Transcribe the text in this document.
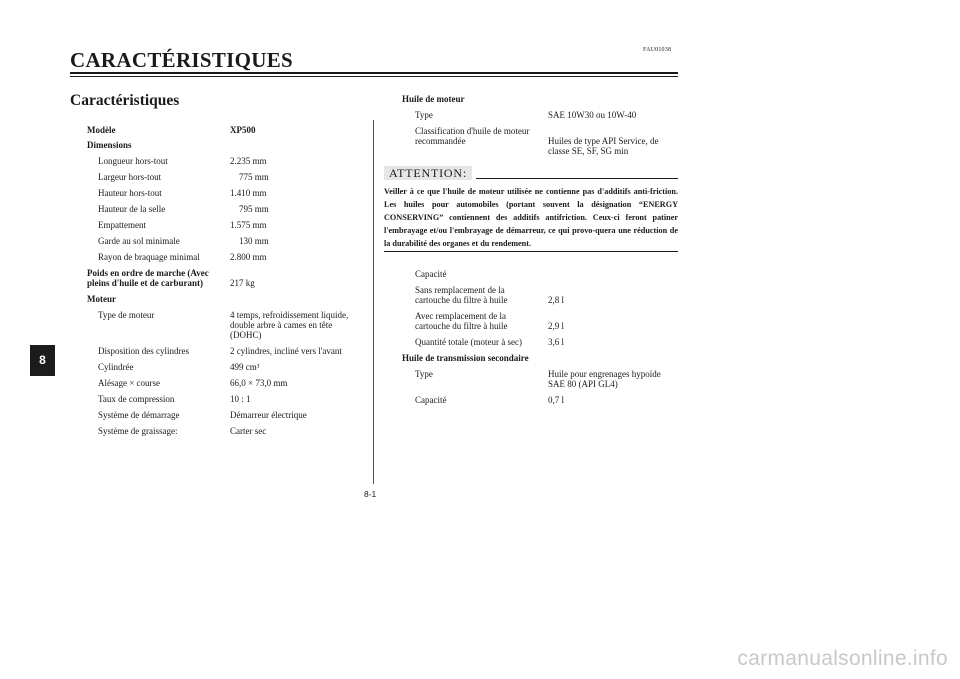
FAU01038
CARACTÉRISTIQUES
Caractéristiques
8
Modèle	XP500
Dimensions
Longueur hors-tout	2.235 mm
Largeur hors-tout	775 mm
Hauteur hors-tout	1.410 mm
Hauteur de la selle	795 mm
Empattement	1.575 mm
Garde au sol minimale	130 mm
Rayon de braquage minimal	2.800 mm
Poids en ordre de marche (Avec
pleins d'huile et de carburant)	217 kg
Moteur
Type de moteur	4 temps, refroidissement liquide,
double arbre à cames en tête
(DOHC)
Disposition des cylindres	2 cylindres, incliné vers l'avant
Cylindrée	499 cm³
Alésage × course	66,0 × 73,0 mm
Taux de compression	10 : 1
Système de démarrage	Démarreur électrique
Système de graissage:	Carter sec
Huile de moteur
Type	SAE 10W30 ou 10W-40
Classification d'huile de moteur
recommandée	Huiles de type API Service, de
classe SE, SF, SG min
ATTENTION:
Veiller à ce que l'huile de moteur utilisée ne contienne pas d'additifs anti-friction. Les huiles pour automobiles (portant souvent la désignation “ENERGY CONSERVING” contiennent des additifs antifriction. Ceux-ci feront patiner l'embrayage et/ou l'embrayage de démarreur, ce qui provo-quera une réduction de la durabilité des organes et du rendement.
Capacité
Sans remplacement de la
cartouche du filtre à huile	2,8 l
Avec remplacement de la
cartouche du filtre à huile	2,9 l
Quantité totale (moteur à sec)	3,6 l
Huile de transmission secondaire
Type	Huile pour engrenages hypoïde
SAE 80 (API GL4)
Capacité	0,7 l
8-1
carmanualsonline.info
